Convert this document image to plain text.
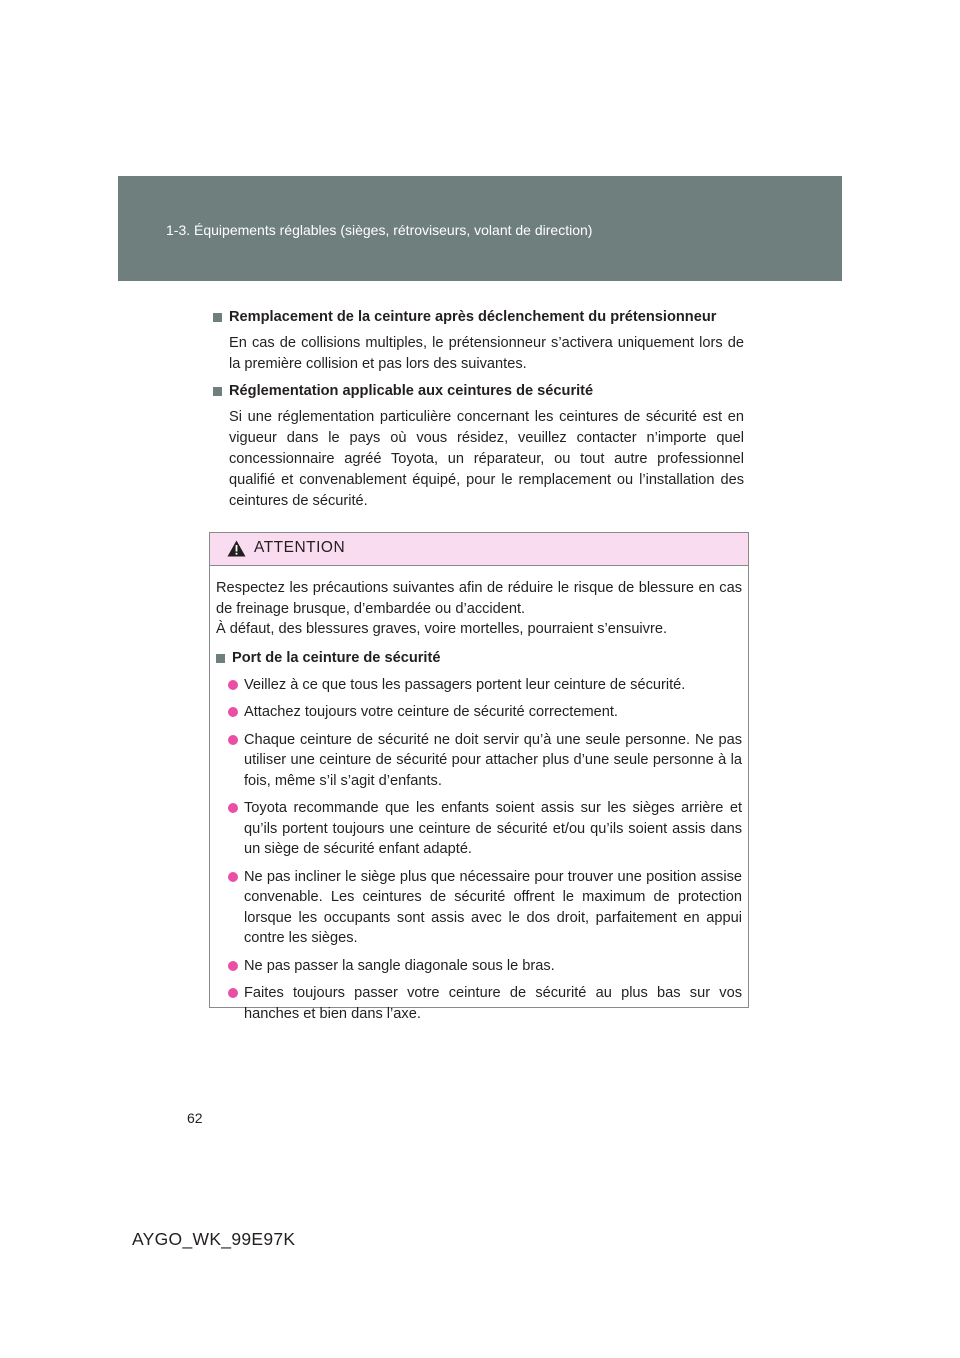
1-3. Équipements réglables (sièges, rétroviseurs, volant de direction)
Remplacement de la ceinture après déclenchement du prétensionneur
En cas de collisions multiples, le prétensionneur s’activera uniquement lors de la première collision et pas lors des suivantes.
Réglementation applicable aux ceintures de sécurité
Si une réglementation particulière concernant les ceintures de sécurité est en vigueur dans le pays où vous résidez, veuillez contacter n’importe quel concessionnaire agréé Toyota, un réparateur, ou tout autre professionnel qualifié et convenablement équipé, pour le remplacement ou l’installation des ceintures de sécurité.
ATTENTION
Respectez les précautions suivantes afin de réduire le risque de blessure en cas de freinage brusque, d’embardée ou d’accident.
À défaut, des blessures graves, voire mortelles, pourraient s’ensuivre.
Port de la ceinture de sécurité
Veillez à ce que tous les passagers portent leur ceinture de sécurité.
Attachez toujours votre ceinture de sécurité correctement.
Chaque ceinture de sécurité ne doit servir qu’à une seule personne. Ne pas utiliser une ceinture de sécurité pour attacher plus d’une seule personne à la fois, même s’il s’agit d’enfants.
Toyota recommande que les enfants soient assis sur les sièges arrière et qu’ils portent toujours une ceinture de sécurité et/ou qu’ils soient assis dans un siège de sécurité enfant adapté.
Ne pas incliner le siège plus que nécessaire pour trouver une position assise convenable. Les ceintures de sécurité offrent le maximum de protection lorsque les occupants sont assis avec le dos droit, parfaitement en appui contre les sièges.
Ne pas passer la sangle diagonale sous le bras.
Faites toujours passer votre ceinture de sécurité au plus bas sur vos hanches et bien dans l’axe.
62
AYGO_WK_99E97K
